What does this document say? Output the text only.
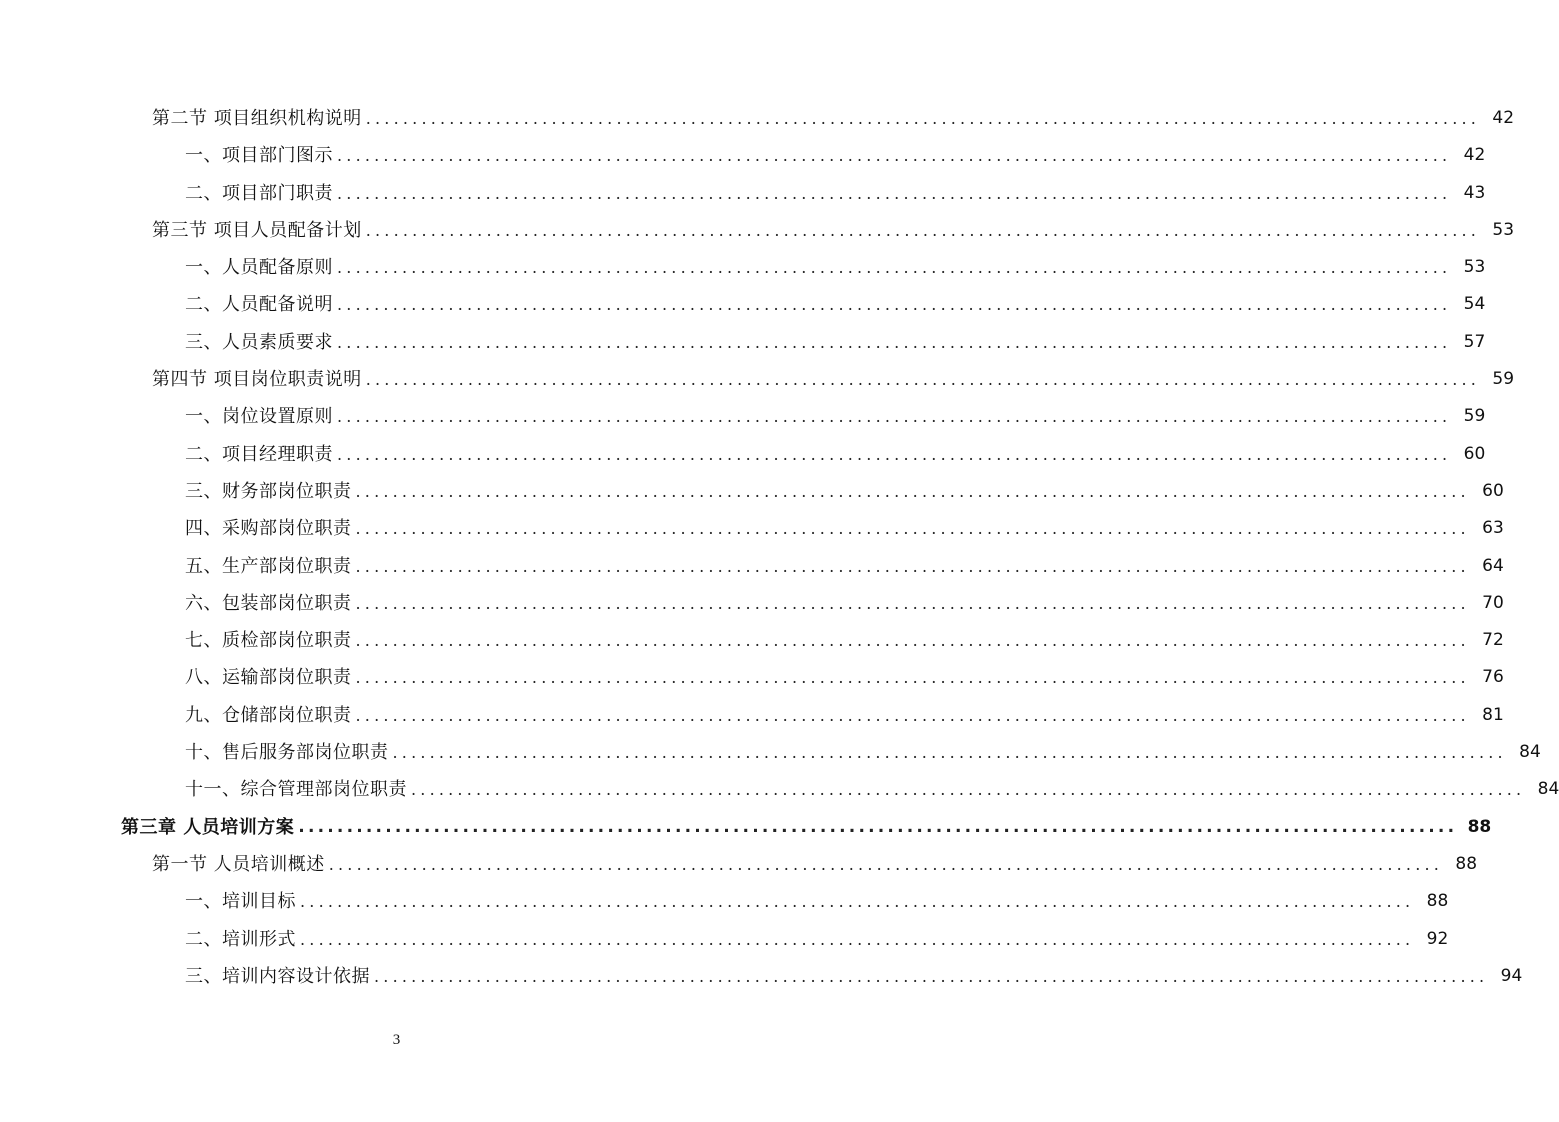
第二节 项目组织机构说明 ........................................................................................................................ 42
一、项目部门图示 ........................................................................................................................ 42
二、项目部门职责 ........................................................................................................................ 43
第三节 项目人员配备计划 ........................................................................................................................ 53
一、人员配备原则 ........................................................................................................................ 53
二、人员配备说明 ........................................................................................................................ 54
三、人员素质要求 ........................................................................................................................ 57
第四节 项目岗位职责说明 ........................................................................................................................ 59
一、岗位设置原则 ........................................................................................................................ 59
二、项目经理职责 ........................................................................................................................ 60
三、财务部岗位职责 ........................................................................................................................ 60
四、采购部岗位职责 ........................................................................................................................ 63
五、生产部岗位职责 ........................................................................................................................ 64
六、包装部岗位职责 ........................................................................................................................ 70
七、质检部岗位职责 ........................................................................................................................ 72
八、运输部岗位职责 ........................................................................................................................ 76
九、仓储部岗位职责 ........................................................................................................................ 81
十、售后服务部岗位职责 ........................................................................................................................ 84
十一、综合管理部岗位职责 ........................................................................................................................ 84
第三章 人员培训方案 ........................................................................................................................ 88
第一节 人员培训概述 ........................................................................................................................ 88
一、培训目标 ........................................................................................................................ 88
二、培训形式 ........................................................................................................................ 92
三、培训内容设计依据 ........................................................................................................................ 94
3
